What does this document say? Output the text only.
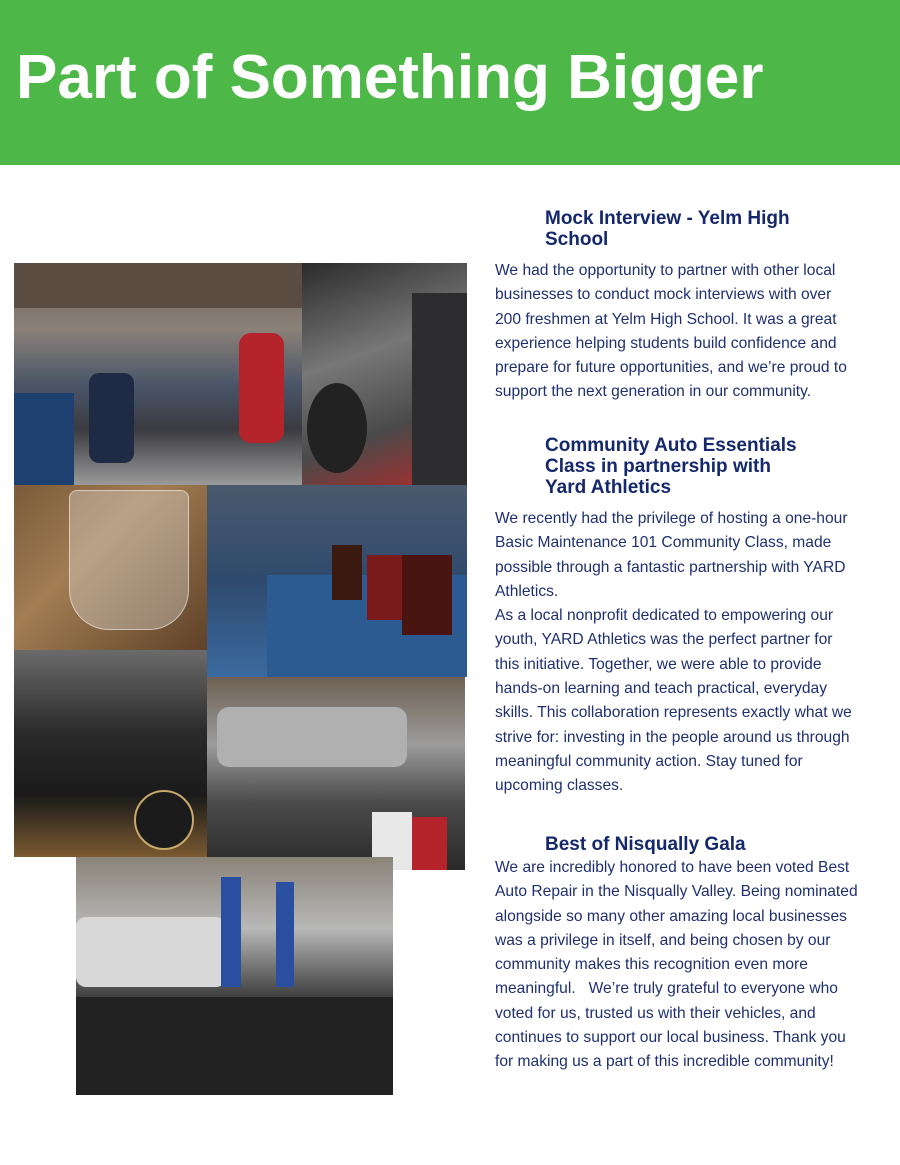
Part of Something Bigger
Mock Interview - Yelm High
School
We had the opportunity to partner with other local
businesses to conduct mock interviews with over
200 freshmen at Yelm High School. It was a great
experience helping students build confidence and
prepare for future opportunities, and we’re proud to
support the next generation in our community.
Community Auto Essentials
Class in partnership with
Yard Athletics
We recently had the privilege of hosting a one-hour
Basic Maintenance 101 Community Class, made
possible through a fantastic partnership with YARD
Athletics.
As a local nonprofit dedicated to empowering our
youth, YARD Athletics was the perfect partner for
this initiative. Together, we were able to provide
hands-on learning and teach practical, everyday
skills. This collaboration represents exactly what we
strive for: investing in the people around us through
meaningful community action. Stay tuned for
upcoming classes.
Best of Nisqually Gala
We are incredibly honored to have been voted Best
Auto Repair in the Nisqually Valley. Being nominated
alongside so many other amazing local businesses
was a privilege in itself, and being chosen by our
community makes this recognition even more
meaningful.   We’re truly grateful to everyone who
voted for us, trusted us with their vehicles, and
continues to support our local business. Thank you
for making us a part of this incredible community!
